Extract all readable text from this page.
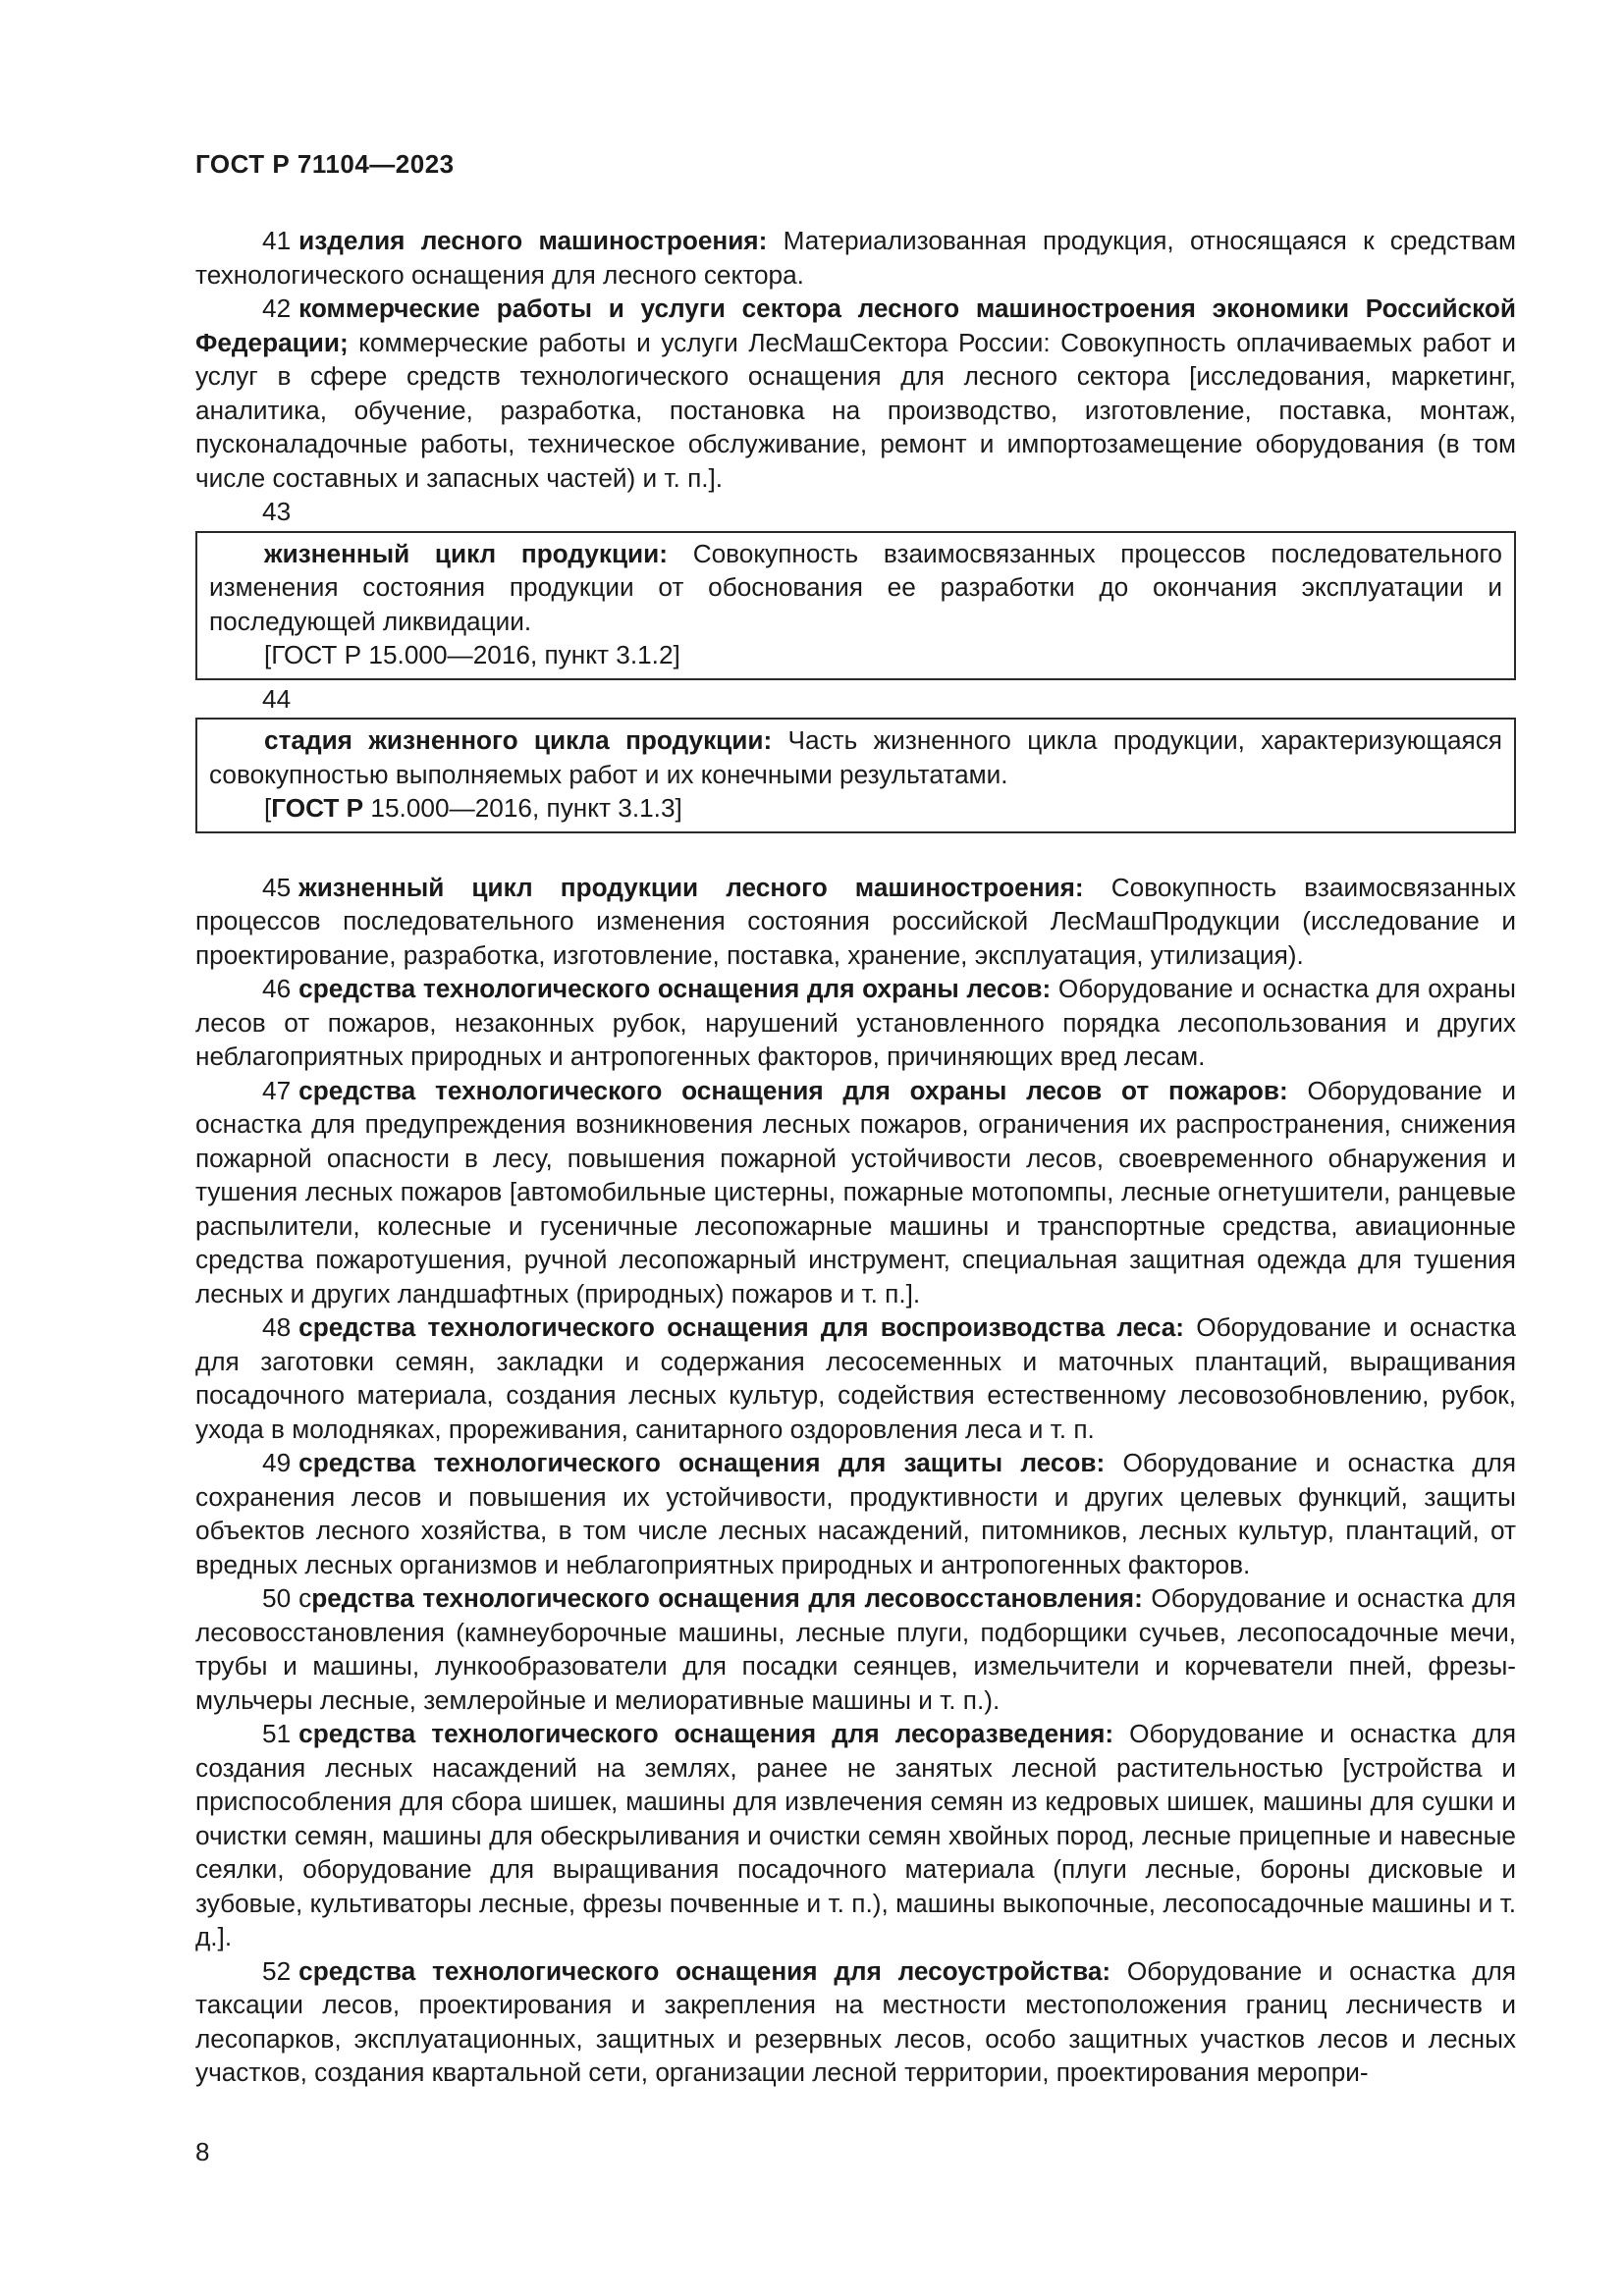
ГОСТ Р 71104—2023

41 изделия лесного машиностроения: Материализованная продукция, относящаяся к средствам технологического оснащения для лесного сектора.

42 коммерческие работы и услуги сектора лесного машиностроения экономики Российской Федерации; коммерческие работы и услуги ЛесМашСектора России: Совокупность оплачиваемых работ и услуг в сфере средств технологического оснащения для лесного сектора [исследования, маркетинг, аналитика, обучение, разработка, постановка на производство, изготовление, поставка, монтаж, пусконаладочные работы, техническое обслуживание, ремонт и импортозамещение оборудования (в том числе составных и запасных частей) и т. п.].

43

жизненный цикл продукции: Совокупность взаимосвязанных процессов последовательного изменения состояния продукции от обоснования ее разработки до окончания эксплуатации и последующей ликвидации.

[ГОСТ Р 15.000—2016, пункт 3.1.2]

44

стадия жизненного цикла продукции: Часть жизненного цикла продукции, характеризующаяся совокупностью выполняемых работ и их конечными результатами.

[ГОСТ Р 15.000—2016, пункт 3.1.3]

45 жизненный цикл продукции лесного машиностроения: Совокупность взаимосвязанных процессов последовательного изменения состояния российской ЛесМашПродукции (исследование и проектирование, разработка, изготовление, поставка, хранение, эксплуатация, утилизация).

46 средства технологического оснащения для охраны лесов: Оборудование и оснастка для охраны лесов от пожаров, незаконных рубок, нарушений установленного порядка лесопользования и других неблагоприятных природных и антропогенных факторов, причиняющих вред лесам.

47 средства технологического оснащения для охраны лесов от пожаров: Оборудование и оснастка для предупреждения возникновения лесных пожаров, ограничения их распространения, снижения пожарной опасности в лесу, повышения пожарной устойчивости лесов, своевременного обнаружения и тушения лесных пожаров [автомобильные цистерны, пожарные мотопомпы, лесные огнетушители, ранцевые распылители, колесные и гусеничные лесопожарные машины и транспортные средства, авиационные средства пожаротушения, ручной лесопожарный инструмент, специальная защитная одежда для тушения лесных и других ландшафтных (природных) пожаров и т. п.].

48 средства технологического оснащения для воспроизводства леса: Оборудование и оснастка для заготовки семян, закладки и содержания лесосеменных и маточных плантаций, выращивания посадочного материала, создания лесных культур, содействия естественному лесовозобновлению, рубок, ухода в молодняках, прореживания, санитарного оздоровления леса и т. п.

49 средства технологического оснащения для защиты лесов: Оборудование и оснастка для сохранения лесов и повышения их устойчивости, продуктивности и других целевых функций, защиты объектов лесного хозяйства, в том числе лесных насаждений, питомников, лесных культур, плантаций, от вредных лесных организмов и неблагоприятных природных и антропогенных факторов.

50 средства технологического оснащения для лесовосстановления: Оборудование и оснастка для лесовосстановления (камнеуборочные машины, лесные плуги, подборщики сучьев, лесопосадочные мечи, трубы и машины, лункообразователи для посадки сеянцев, измельчители и корчеватели пней, фрезы-мульчеры лесные, землеройные и мелиоративные машины и т. п.).

51 средства технологического оснащения для лесоразведения: Оборудование и оснастка для создания лесных насаждений на землях, ранее не занятых лесной растительностью [устройства и приспособления для сбора шишек, машины для извлечения семян из кедровых шишек, машины для сушки и очистки семян, машины для обескрыливания и очистки семян хвойных пород, лесные прицепные и навесные сеялки, оборудование для выращивания посадочного материала (плуги лесные, бороны дисковые и зубовые, культиваторы лесные, фрезы почвенные и т. п.), машины выкопочные, лесопосадочные машины и т. д.].

52 средства технологического оснащения для лесоустройства: Оборудование и оснастка для таксации лесов, проектирования и закрепления на местности местоположения границ лесничеств и лесопарков, эксплуатационных, защитных и резервных лесов, особо защитных участков лесов и лесных участков, создания квартальной сети, организации лесной территории, проектирования меропри-

8
